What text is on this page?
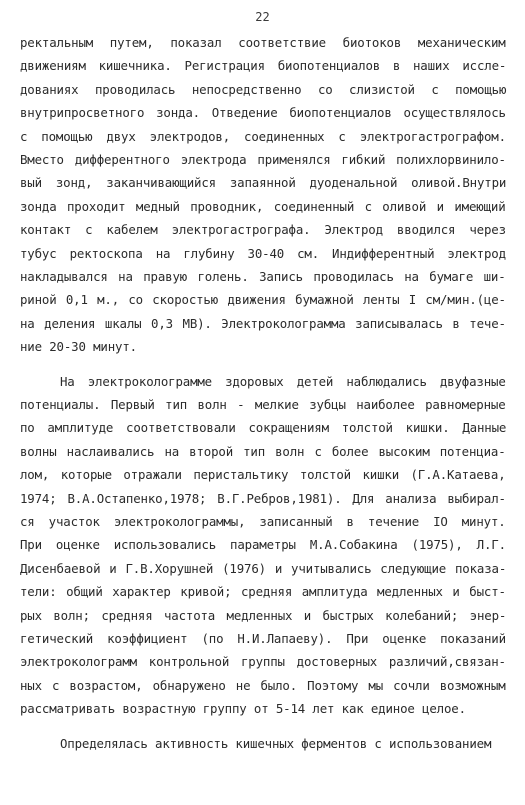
22
ректальным путем, показал соответствие биотоков механическим
движениям кишечника. Регистрация биопотенциалов в наших иссле-
дованиях проводилась непосредственно со слизистой с помощью
внутрипросветного зонда. Отведение биопотенциалов осуществлялось
с помощью двух электродов, соединенных с электрогастрографом.
Вместо дифферентного электрода применялся гибкий полихлорвинило-
вый зонд, заканчивающийся запаянной дуоденальной оливой.Внутри
зонда проходит медный проводник, соединенный с оливой и имеющий
контакт с кабелем электрогастрографа. Электрод вводился через
тубус ректоскопа на глубину 30-40 см. Индифферентный электрод
накладывался на правую голень. Запись проводилась на бумаге ши-
риной 0,1 м., со скоростью движения бумажной ленты I см/мин.(це-
на деления шкалы 0,3 МВ). Электроколограмма записывалась в тече-
ние 20-30 минут.
На электроколограмме здоровых детей наблюдались двуфазные
потенциалы. Первый тип волн - мелкие зубцы наиболее равномерные
по амплитуде соответствовали сокращениям толстой кишки. Данные
волны наслаивались на второй тип волн с более высоким потенциа-
лом, которые отражали перистальтику толстой кишки (Г.А.Катаева,
1974; В.А.Остапенко,1978; В.Г.Ребров,1981). Для анализа выбирал-
ся участок электроколограммы, записанный в течение IO минут.
При оценке использовались параметры М.А.Собакина (1975), Л.Г.
Дисенбаевой и Г.В.Хорушней (1976) и учитывались следующие показа-
тели: общий характер кривой; средняя амплитуда медленных и быст-
рых волн; средняя частота медленных и быстрых колебаний; энер-
гетический коэффициент (по Н.И.Лапаеву). При оценке показаний
электроколограмм контрольной группы достоверных различий,связан-
ных с возрастом, обнаружено не было. Поэтому мы сочли возможным
рассматривать возрастную группу от 5-14 лет как единое целое.
Определялась активность кишечных ферментов с использованием
